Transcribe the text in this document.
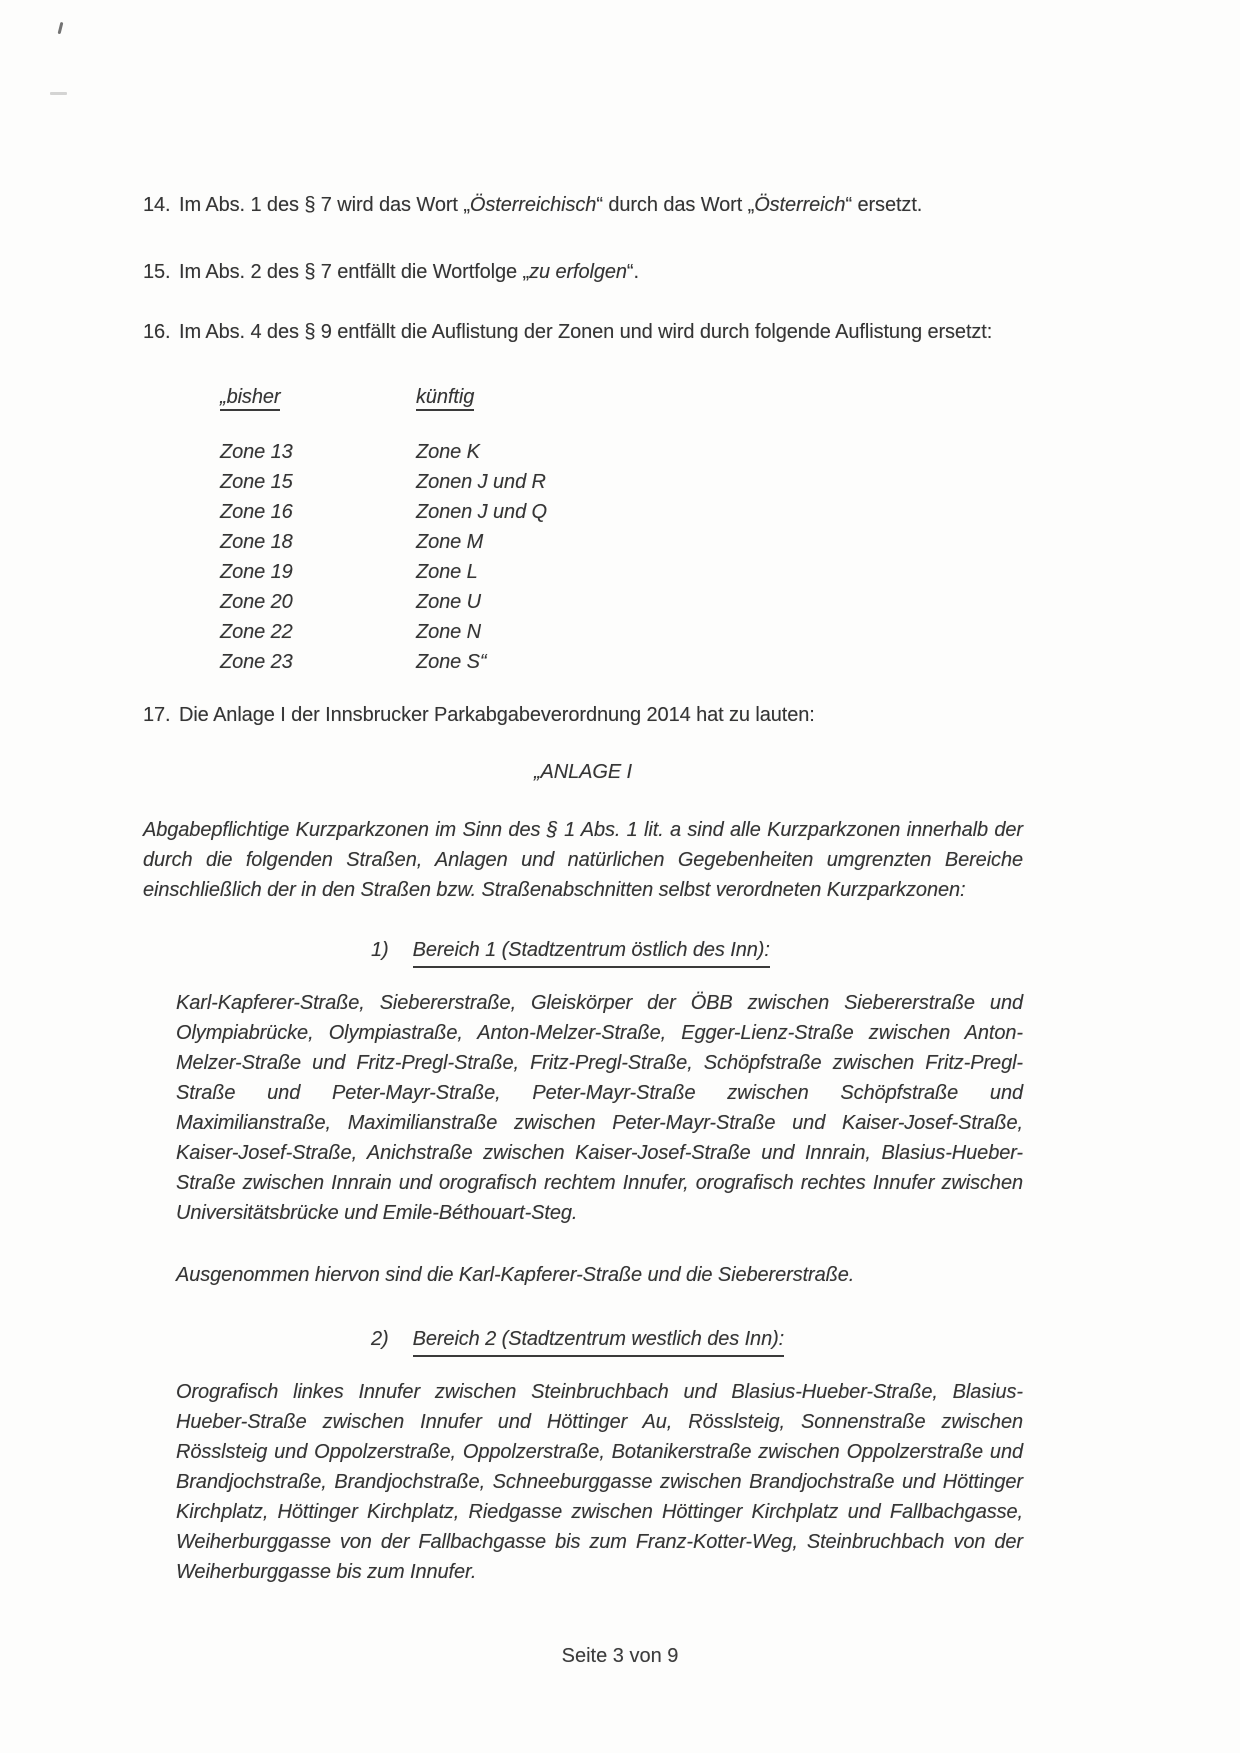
14. Im Abs. 1 des § 7 wird das Wort „Österreichisch“ durch das Wort „Österreich“ ersetzt.

15. Im Abs. 2 des § 7 entfällt die Wortfolge „zu erfolgen“.

16. Im Abs. 4 des § 9 entfällt die Auflistung der Zonen und wird durch folgende Auflistung ersetzt:

„bisher	künftig
Zone 13	Zone K
Zone 15	Zonen J und R
Zone 16	Zonen J und Q
Zone 18	Zone M
Zone 19	Zone L
Zone 20	Zone U
Zone 22	Zone N
Zone 23	Zone S“
17. Die Anlage I der Innsbrucker Parkabgabeverordnung 2014 hat zu lauten:

„ANLAGE I

Abgabepflichtige Kurzparkzonen im Sinn des § 1 Abs. 1 lit. a sind alle Kurzparkzonen innerhalb der durch die folgenden Straßen, Anlagen und natürlichen Gegebenheiten umgrenzten Bereiche einschließlich der in den Straßen bzw. Straßenabschnitten selbst verordneten Kurzparkzonen:

1) Bereich 1 (Stadtzentrum östlich des Inn):

Karl-Kapferer-Straße, Siebererstraße, Gleiskörper der ÖBB zwischen Siebererstraße und Olympiabrücke, Olympiastraße, Anton-Melzer-Straße, Egger-Lienz-Straße zwischen Anton-Melzer-Straße und Fritz-Pregl-Straße, Fritz-Pregl-Straße, Schöpfstraße zwischen Fritz-Pregl-Straße und Peter-Mayr-Straße, Peter-Mayr-Straße zwischen Schöpfstraße und Maximilianstraße, Maximilianstraße zwischen Peter-Mayr-Straße und Kaiser-Josef-Straße, Kaiser-Josef-Straße, Anichstraße zwischen Kaiser-Josef-Straße und Innrain, Blasius-Hueber-Straße zwischen Innrain und orografisch rechtem Innufer, orografisch rechtes Innufer zwischen Universitätsbrücke und Emile-Béthouart-Steg.

Ausgenommen hiervon sind die Karl-Kapferer-Straße und die Siebererstraße.

2) Bereich 2 (Stadtzentrum westlich des Inn):

Orografisch linkes Innufer zwischen Steinbruchbach und Blasius-Hueber-Straße, Blasius-Hueber-Straße zwischen Innufer und Höttinger Au, Rösslsteig, Sonnenstraße zwischen Rösslsteig und Oppolzerstraße, Oppolzerstraße, Botanikerstraße zwischen Oppolzerstraße und Brandjochstraße, Brandjochstraße, Schneeburggasse zwischen Brandjochstraße und Höttinger Kirchplatz, Höttinger Kirchplatz, Riedgasse zwischen Höttinger Kirchplatz und Fallbachgasse, Weiherburggasse von der Fallbachgasse bis zum Franz-Kotter-Weg, Steinbruchbach von der Weiherburggasse bis zum Innufer.

Seite 3 von 9
